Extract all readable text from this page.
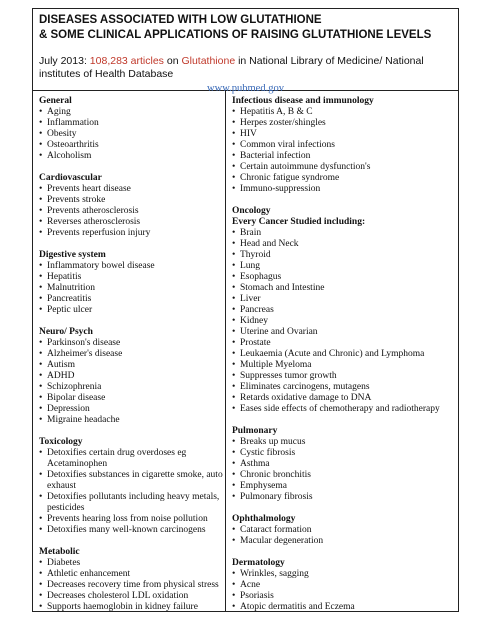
DISEASES ASSOCIATED WITH LOW GLUTATHIONE
& SOME CLINICAL APPLICATIONS OF RAISING GLUTATHIONE LEVELS
July 2013: 108,283 articles on Glutathione in National Library of Medicine/ National institutes of Health Database
www.pubmed.gov
General
• Aging
• Inflammation
• Obesity
• Osteoarthritis
• Alcoholism
Cardiovascular
• Prevents heart disease
• Prevents stroke
• Prevents atherosclerosis
• Reverses atherosclerosis
• Prevents reperfusion injury
Digestive system
• Inflammatory bowel disease
• Hepatitis
• Malnutrition
• Pancreatitis
• Peptic ulcer
Neuro/ Psych
• Parkinson's disease
• Alzheimer's disease
• Autism
• ADHD
• Schizophrenia
• Bipolar disease
• Depression
• Migraine headache
Toxicology
• Detoxifies certain drug overdoses eg Acetaminophen
• Detoxifies substances in cigarette smoke, auto exhaust
• Detoxifies pollutants including heavy metals, pesticides
• Prevents hearing loss from noise pollution
• Detoxifies many well-known carcinogens
Metabolic
• Diabetes
• Athletic enhancement
• Decreases recovery time from physical stress
• Decreases cholesterol LDL oxidation
• Supports haemoglobin in kidney failure
Infectious disease and immunology
• Hepatitis A, B & C
• Herpes zoster/shingles
• HIV
• Common viral infections
• Bacterial infection
• Certain autoimmune dysfunction's
• Chronic fatigue syndrome
• Immuno-suppression
Oncology
Every Cancer Studied including:
• Brain
• Head and Neck
• Thyroid
• Lung
• Esophagus
• Stomach and Intestine
• Liver
• Pancreas
• Kidney
• Uterine and Ovarian
• Prostate
• Leukaemia (Acute and Chronic) and Lymphoma
• Multiple Myeloma
• Suppresses tumor growth
• Eliminates carcinogens, mutagens
• Retards oxidative damage to DNA
• Eases side effects of chemotherapy and radiotherapy
Pulmonary
• Breaks up mucus
• Cystic fibrosis
• Asthma
• Chronic bronchitis
• Emphysema
• Pulmonary fibrosis
Ophthalmology
• Cataract formation
• Macular degeneration
Dermatology
• Wrinkles, sagging
• Acne
• Psoriasis
• Atopic dermatitis and Eczema
